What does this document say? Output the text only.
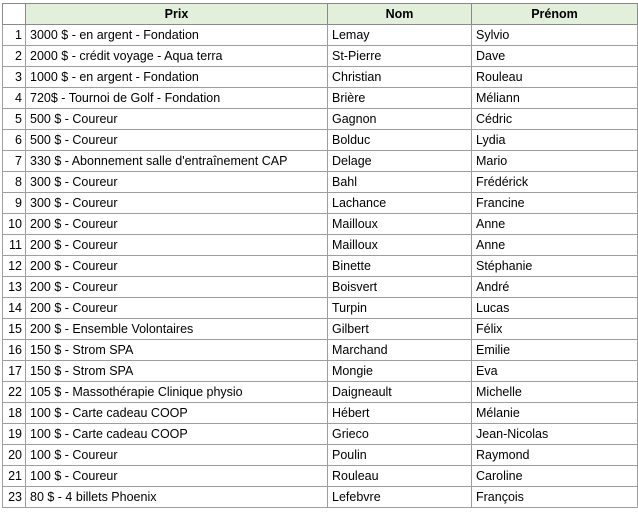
	Prix	Nom	Prénom
1	3000 $ - en argent - Fondation	Lemay	Sylvio
2	2000 $ - crédit voyage - Aqua terra	St-Pierre	Dave
3	1000 $ - en argent - Fondation	Christian	Rouleau
4	720$ - Tournoi de Golf - Fondation	Brière	Méliann
5	500 $ - Coureur	Gagnon	Cédric
6	500 $ - Coureur	Bolduc	Lydia
7	330 $ - Abonnement salle d'entraînement CAP	Delage	Mario
8	300 $ - Coureur	Bahl	Frédérick
9	300 $ - Coureur	Lachance	Francine
10	200 $ - Coureur	Mailloux	Anne
11	200 $ - Coureur	Mailloux	Anne
12	200 $ - Coureur	Binette	Stéphanie
13	200 $ - Coureur	Boisvert	André
14	200 $ - Coureur	Turpin	Lucas
15	200 $ - Ensemble Volontaires	Gilbert	Félix
16	150 $ - Strom SPA	Marchand	Emilie
17	150 $ - Strom SPA	Mongie	Eva
22	105 $ - Massothérapie Clinique physio	Daigneault	Michelle
18	100 $ - Carte cadeau COOP	Hébert	Mélanie
19	100 $ - Carte cadeau COOP	Grieco	Jean-Nicolas
20	100 $ - Coureur	Poulin	Raymond
21	100 $ - Coureur	Rouleau	Caroline
23	80 $ - 4 billets Phoenix	Lefebvre	François
